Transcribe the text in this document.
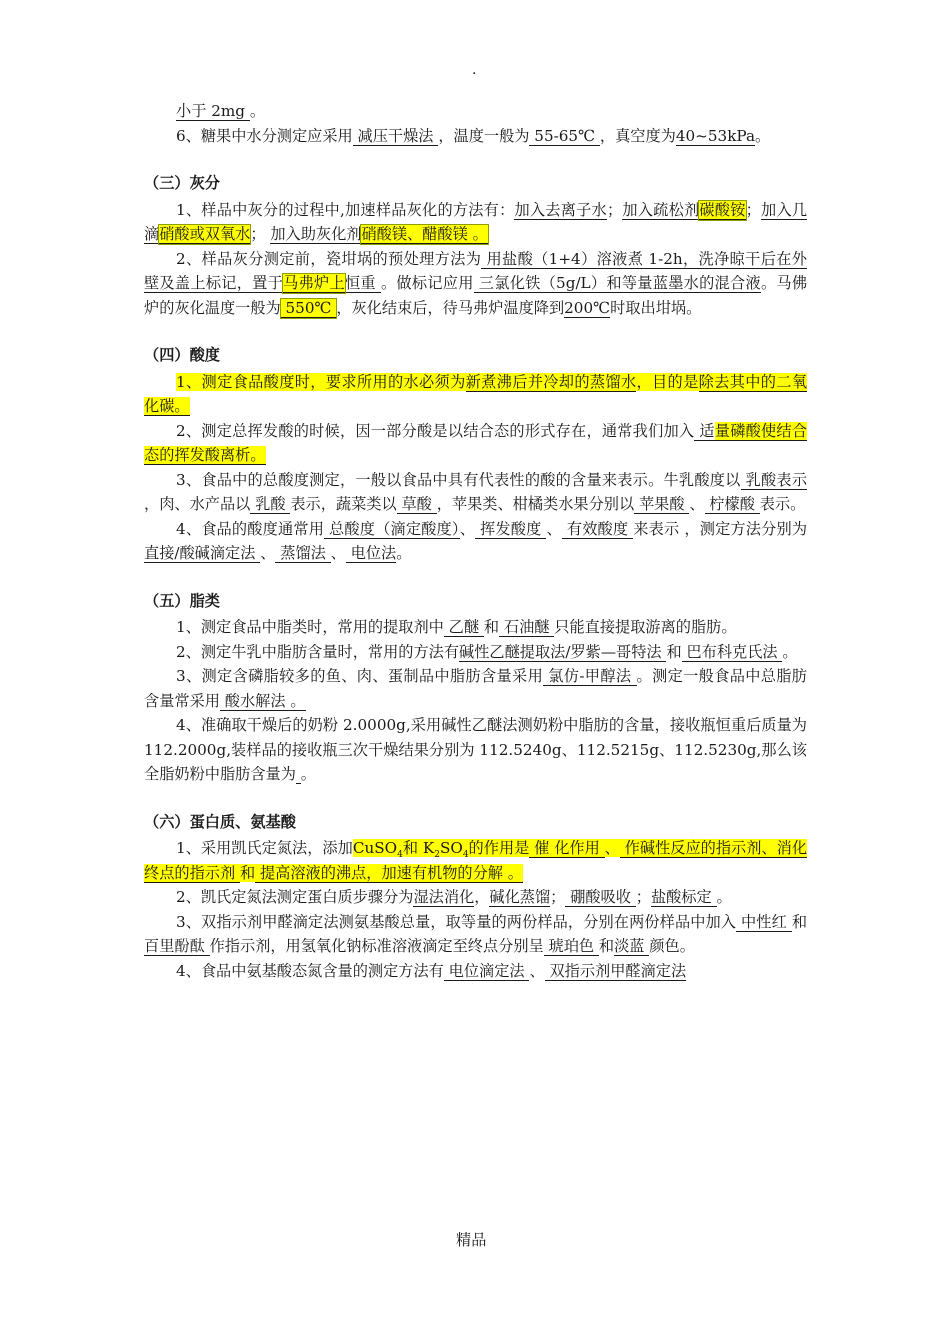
.

小于 2mg 。

6、糖果中水分测定应采用 减压干燥法 ，温度一般为 55-65℃ ，真空度为40~53kPa。

（三）灰分

1、样品中灰分的过程中,加速样品灰化的方法有：加入去离子水；加入疏松剂碳酸铵；加入几滴硝酸或双氧水； 加入助灰化剂硝酸镁、醋酸镁 。

2、样品灰分测定前，瓷坩埚的预处理方法为 用盐酸（1+4）溶液煮 1-2h，洗净晾干后在外壁及盖上标记，置于马弗炉上恒重 。做标记应用 三氯化铁（5g/L）和等量蓝墨水的混合液。马佛炉的灰化温度一般为 550℃ ，灰化结束后，待马弗炉温度降到200℃时取出坩埚。

（四）酸度

1、测定食品酸度时，要求所用的水必须为新煮沸后并冷却的蒸馏水，目的是除去其中的二氧化碳。

2、测定总挥发酸的时候，因一部分酸是以结合态的形式存在，通常我们加入 适量磷酸使结合态的挥发酸离析。

3、食品中的总酸度测定，一般以食品中具有代表性的酸的含量来表示。牛乳酸度以 乳酸表示 ，肉、水产品以 乳酸 表示，蔬菜类以 草酸 ，苹果类、柑橘类水果分别以 苹果酸 、 柠檬酸 表示。

4、食品的酸度通常用 总酸度（滴定酸度）、 挥发酸度 、 有效酸度 来表示 ，测定方法分别为 直接/酸碱滴定法 、 蒸馏法 、 电位法。

（五）脂类

1、测定食品中脂类时，常用的提取剂中 乙醚 和 石油醚 只能直接提取游离的脂肪。

2、测定牛乳中脂肪含量时，常用的方法有碱性乙醚提取法/罗紫—哥特法 和 巴布科克氏法 。

3、测定含磷脂较多的鱼、肉、蛋制品中脂肪含量采用 氯仿-甲醇法 。测定一般食品中总脂肪含量常采用 酸水解法 。

4、准确取干燥后的奶粉 2.0000g,采用碱性乙醚法测奶粉中脂肪的含量，接收瓶恒重后质量为 112.2000g,装样品的接收瓶三次干燥结果分别为 112.5240g、112.5215g、112.5230g,那么该全脂奶粉中脂肪含量为 。

（六）蛋白质、氨基酸

1、采用凯氏定氮法，添加CuSO$_4$和 $K_2SO_4$的作用是 催 化作用 、 作碱性反应的指示剂、消化终点的指示剂 和 提高溶液的沸点，加速有机物的分解 。

2、凯氏定氮法测定蛋白质步骤分为湿法消化，碱化蒸馏； 硼酸吸收 ；盐酸标定 。

3、双指示剂甲醛滴定法测氨基酸总量，取等量的两份样品，分别在两份样品中加入 中性红 和 百里酚酞 作指示剂，用氢氧化钠标准溶液滴定至终点分别呈 琥珀色 和淡蓝 颜色。

4、食品中氨基酸态氮含量的测定方法有 电位滴定法 、 双指示剂甲醛滴定法

精品
